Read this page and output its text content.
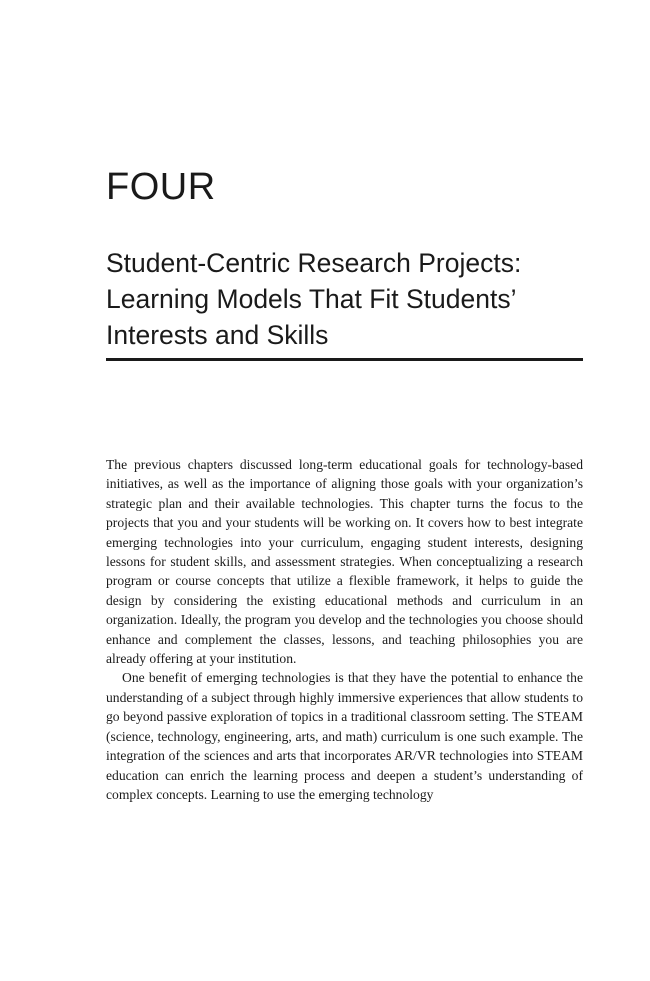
FOUR
Student-Centric Research Projects:
Learning Models That Fit Students’
Interests and Skills

The previous chapters discussed long-term educational goals for technology-based initiatives, as well as the importance of aligning those goals with your organization’s strategic plan and their available technologies. This chapter turns the focus to the projects that you and your students will be working on. It covers how to best integrate emerging technologies into your curriculum, engaging student interests, designing lessons for student skills, and assessment strategies. When conceptualizing a research program or course concepts that utilize a flexible framework, it helps to guide the design by considering the existing educational methods and curriculum in an organization. Ideally, the program you develop and the technologies you choose should enhance and complement the classes, lessons, and teaching philosophies you are already offering at your institution.

One benefit of emerging technologies is that they have the potential to enhance the understanding of a subject through highly immersive experiences that allow students to go beyond passive exploration of topics in a traditional classroom setting. The STEAM (science, technology, engineering, arts, and math) curriculum is one such example. The integration of the sciences and arts that incorporates AR/VR technologies into STEAM education can enrich the learning process and deepen a student’s understanding of complex concepts. Learning to use the emerging technology
